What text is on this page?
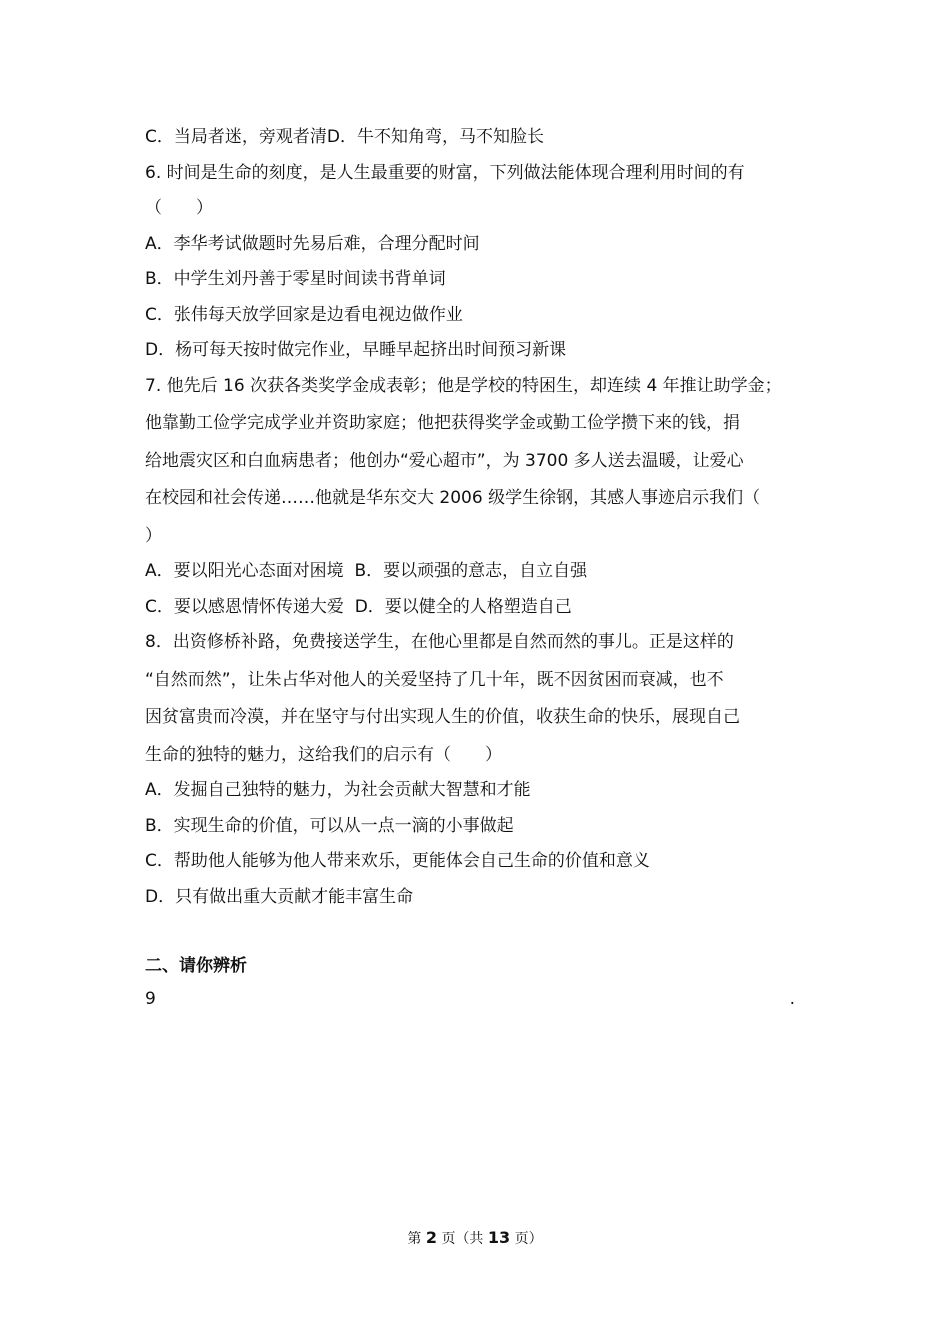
C．当局者迷，旁观者清D．牛不知角弯，马不知脸长
6. 时间是生命的刻度，是人生最重要的财富，下列做法能体现合理利用时间的有
（　　）
A．李华考试做题时先易后难，合理分配时间
B．中学生刘丹善于零星时间读书背单词
C．张伟每天放学回家是边看电视边做作业
D．杨可每天按时做完作业，早睡早起挤出时间预习新课
7. 他先后 16 次获各类奖学金成表彰；他是学校的特困生，却连续 4 年推让助学金；
他靠勤工俭学完成学业并资助家庭；他把获得奖学金或勤工俭学攒下来的钱，捐
给地震灾区和白血病患者；他创办“爱心超市”，为 3700 多人送去温暖，让爱心
在校园和社会传递……他就是华东交大 2006 级学生徐钢，其感人事迹启示我们（
）
A．要以阳光心态面对困境 B．要以顽强的意志，自立自强
C．要以感恩情怀传递大爱 D．要以健全的人格塑造自己
8．出资修桥补路，免费接送学生，在他心里都是自然而然的事儿。正是这样的
“自然而然”，让朱占华对他人的关爱坚持了几十年，既不因贫困而衰减，也不
因贫富贵而冷漠，并在坚守与付出实现人生的价值，收获生命的快乐，展现自己
生命的独特的魅力，这给我们的启示有（　　）
A．发掘自己独特的魅力，为社会贡献大智慧和才能
B．实现生命的价值，可以从一点一滴的小事做起
C．帮助他人能够为他人带来欢乐，更能体会自己生命的价值和意义
D．只有做出重大贡献才能丰富生命
二、请你辨析
9	.
第 2 页（共 13 页）
